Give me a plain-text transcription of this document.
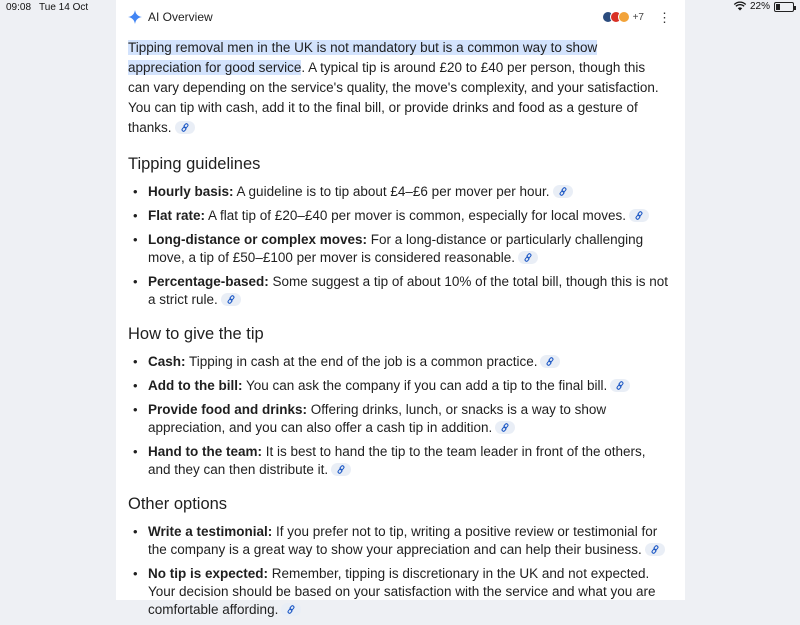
09:08 Tue 14 Oct	22%
AI Overview	+7 ⋮

Tipping removal men in the UK is not mandatory but is a common way to show appreciation for good service. A typical tip is around £20 to £40 per person, though this can vary depending on the service's quality, the move's complexity, and your satisfaction. You can tip with cash, add it to the final bill, or provide drinks and food as a gesture of thanks.

Tipping guidelines
• Hourly basis: A guideline is to tip about £4–£6 per mover per hour.
• Flat rate: A flat tip of £20–£40 per mover is common, especially for local moves.
• Long-distance or complex moves: For a long-distance or particularly challenging move, a tip of £50–£100 per mover is considered reasonable.
• Percentage-based: Some suggest a tip of about 10% of the total bill, though this is not a strict rule.
How to give the tip
• Cash: Tipping in cash at the end of the job is a common practice.
• Add to the bill: You can ask the company if you can add a tip to the final bill.
• Provide food and drinks: Offering drinks, lunch, or snacks is a way to show appreciation, and you can also offer a cash tip in addition.
• Hand to the team: It is best to hand the tip to the team leader in front of the others, and they can then distribute it.
Other options
• Write a testimonial: If you prefer not to tip, writing a positive review or testimonial for the company is a great way to show your appreciation and can help their business.
• No tip is expected: Remember, tipping is discretionary in the UK and not expected. Your decision should be based on your satisfaction with the service and what you are comfortable affording.
